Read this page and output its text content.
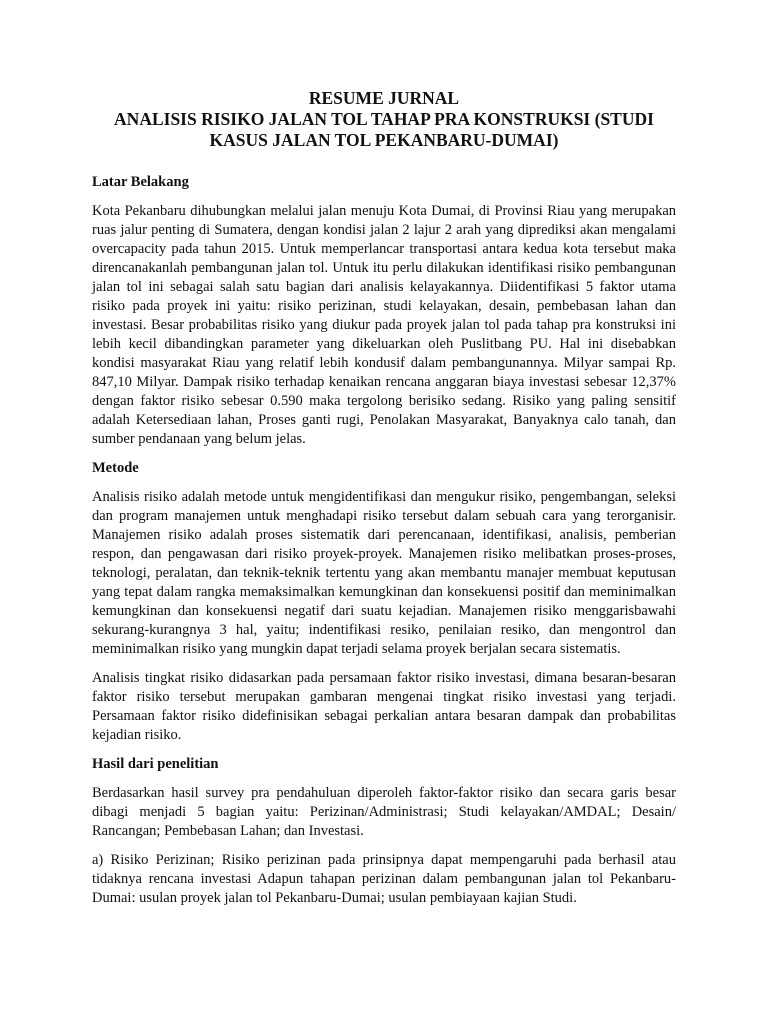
RESUME JURNAL
ANALISIS RISIKO JALAN TOL TAHAP PRA KONSTRUKSI (STUDI
KASUS JALAN TOL PEKANBARU-DUMAI)
Latar Belakang

Kota Pekanbaru dihubungkan melalui jalan menuju Kota Dumai, di Provinsi Riau yang merupakan ruas jalur penting di Sumatera, dengan kondisi jalan 2 lajur 2 arah yang diprediksi akan mengalami overcapacity pada tahun 2015. Untuk memperlancar transportasi antara kedua kota tersebut maka direncanakanlah pembangunan jalan tol. Untuk itu perlu dilakukan identifikasi risiko pembangunan jalan tol ini sebagai salah satu bagian dari analisis kelayakannya. Diidentifikasi 5 faktor utama risiko pada proyek ini yaitu: risiko perizinan, studi kelayakan, desain, pembebasan lahan dan investasi. Besar probabilitas risiko yang diukur pada proyek jalan tol pada tahap pra konstruksi ini lebih kecil dibandingkan parameter yang dikeluarkan oleh Puslitbang PU. Hal ini disebabkan kondisi masyarakat Riau yang relatif lebih kondusif dalam pembangunannya. Milyar sampai Rp. 847,10 Milyar. Dampak risiko terhadap kenaikan rencana anggaran biaya investasi sebesar 12,37% dengan faktor risiko sebesar 0.590 maka tergolong berisiko sedang. Risiko yang paling sensitif adalah Ketersediaan lahan, Proses ganti rugi, Penolakan Masyarakat, Banyaknya calo tanah, dan sumber pendanaan yang belum jelas.

Metode

Analisis risiko adalah metode untuk mengidentifikasi dan mengukur risiko, pengembangan, seleksi dan program manajemen untuk menghadapi risiko tersebut dalam sebuah cara yang terorganisir. Manajemen risiko adalah proses sistematik dari perencanaan, identifikasi, analisis, pemberian respon, dan pengawasan dari risiko proyek-proyek. Manajemen risiko melibatkan proses-proses, teknologi, peralatan, dan teknik-teknik tertentu yang akan membantu manajer membuat keputusan yang tepat dalam rangka memaksimalkan kemungkinan dan konsekuensi positif dan meminimalkan kemungkinan dan konsekuensi negatif dari suatu kejadian. Manajemen risiko menggarisbawahi sekurang-kurangnya 3 hal, yaitu; indentifikasi resiko, penilaian resiko, dan mengontrol dan meminimalkan risiko yang mungkin dapat terjadi selama proyek berjalan secara sistematis.

Analisis tingkat risiko didasarkan pada persamaan faktor risiko investasi, dimana besaran-besaran faktor risiko tersebut merupakan gambaran mengenai tingkat risiko investasi yang terjadi. Persamaan faktor risiko didefinisikan sebagai perkalian antara besaran dampak dan probabilitas kejadian risiko.

Hasil dari penelitian

Berdasarkan hasil survey pra pendahuluan diperoleh faktor-faktor risiko dan secara garis besar dibagi menjadi 5 bagian yaitu: Perizinan/Administrasi; Studi kelayakan/AMDAL; Desain/ Rancangan; Pembebasan Lahan; dan Investasi.

a) Risiko Perizinan; Risiko perizinan pada prinsipnya dapat mempengaruhi pada berhasil atau tidaknya rencana investasi Adapun tahapan perizinan dalam pembangunan jalan tol Pekanbaru-Dumai: usulan proyek jalan tol Pekanbaru-Dumai; usulan pembiayaan kajian Studi.
